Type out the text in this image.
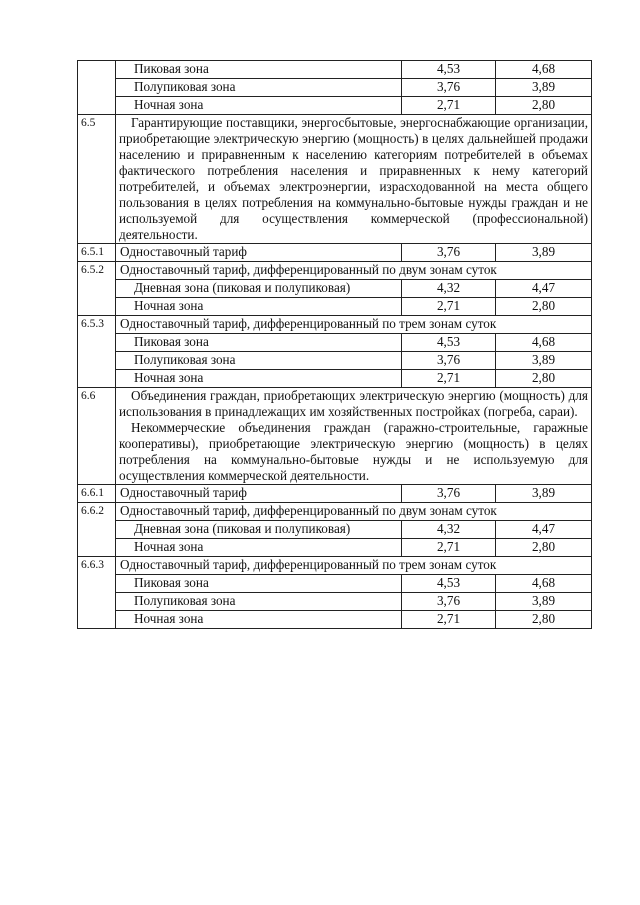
	Пиковая зона	4,53	4,68
	Полупиковая зона	3,76	3,89
	Ночная зона	2,71	2,80
6.5	Гарантирующие поставщики, энергосбытовые, энергоснабжающие организации, приобретающие электрическую энергию (мощность) в целях дальнейшей продажи населению и приравненным к населению категориям потребителей в объемах фактического потребления населения и приравненных к нему категорий потребителей, и объемах электроэнергии, израсходованной на места общего пользования в целях потребления на коммунально-бытовые нужды граждан и не используемой для осуществления коммерческой (профессиональной) деятельности.		

6.5.1	Одноставочный тариф	3,76	3,89
6.5.2	Одноставочный тариф, дифференцированный по двум зонам суток		
	Дневная зона (пиковая и полупиковая)	4,32	4,47
	Ночная зона	2,71	2,80
6.5.3	Одноставочный тариф, дифференцированный по трем зонам суток		
	Пиковая зона	4,53	4,68
	Полупиковая зона	3,76	3,89
	Ночная зона	2,71	2,80
6.6	Объединения граждан, приобретающих электрическую энергию (мощность) для использования в принадлежащих им хозяйственных постройках (погреба, сараи).

Некоммерческие объединения граждан (гаражно-строительные, гаражные кооперативы), приобретающие электрическую энергию (мощность) в целях потребления на коммунально-бытовые нужды и не используемую для осуществления коммерческой деятельности.		

6.6.1	Одноставочный тариф	3,76	3,89
6.6.2	Одноставочный тариф, дифференцированный по двум зонам суток		
	Дневная зона (пиковая и полупиковая)	4,32	4,47
	Ночная зона	2,71	2,80
6.6.3	Одноставочный тариф, дифференцированный по трем зонам суток		
	Пиковая зона	4,53	4,68
	Полупиковая зона	3,76	3,89
	Ночная зона	2,71	2,80
